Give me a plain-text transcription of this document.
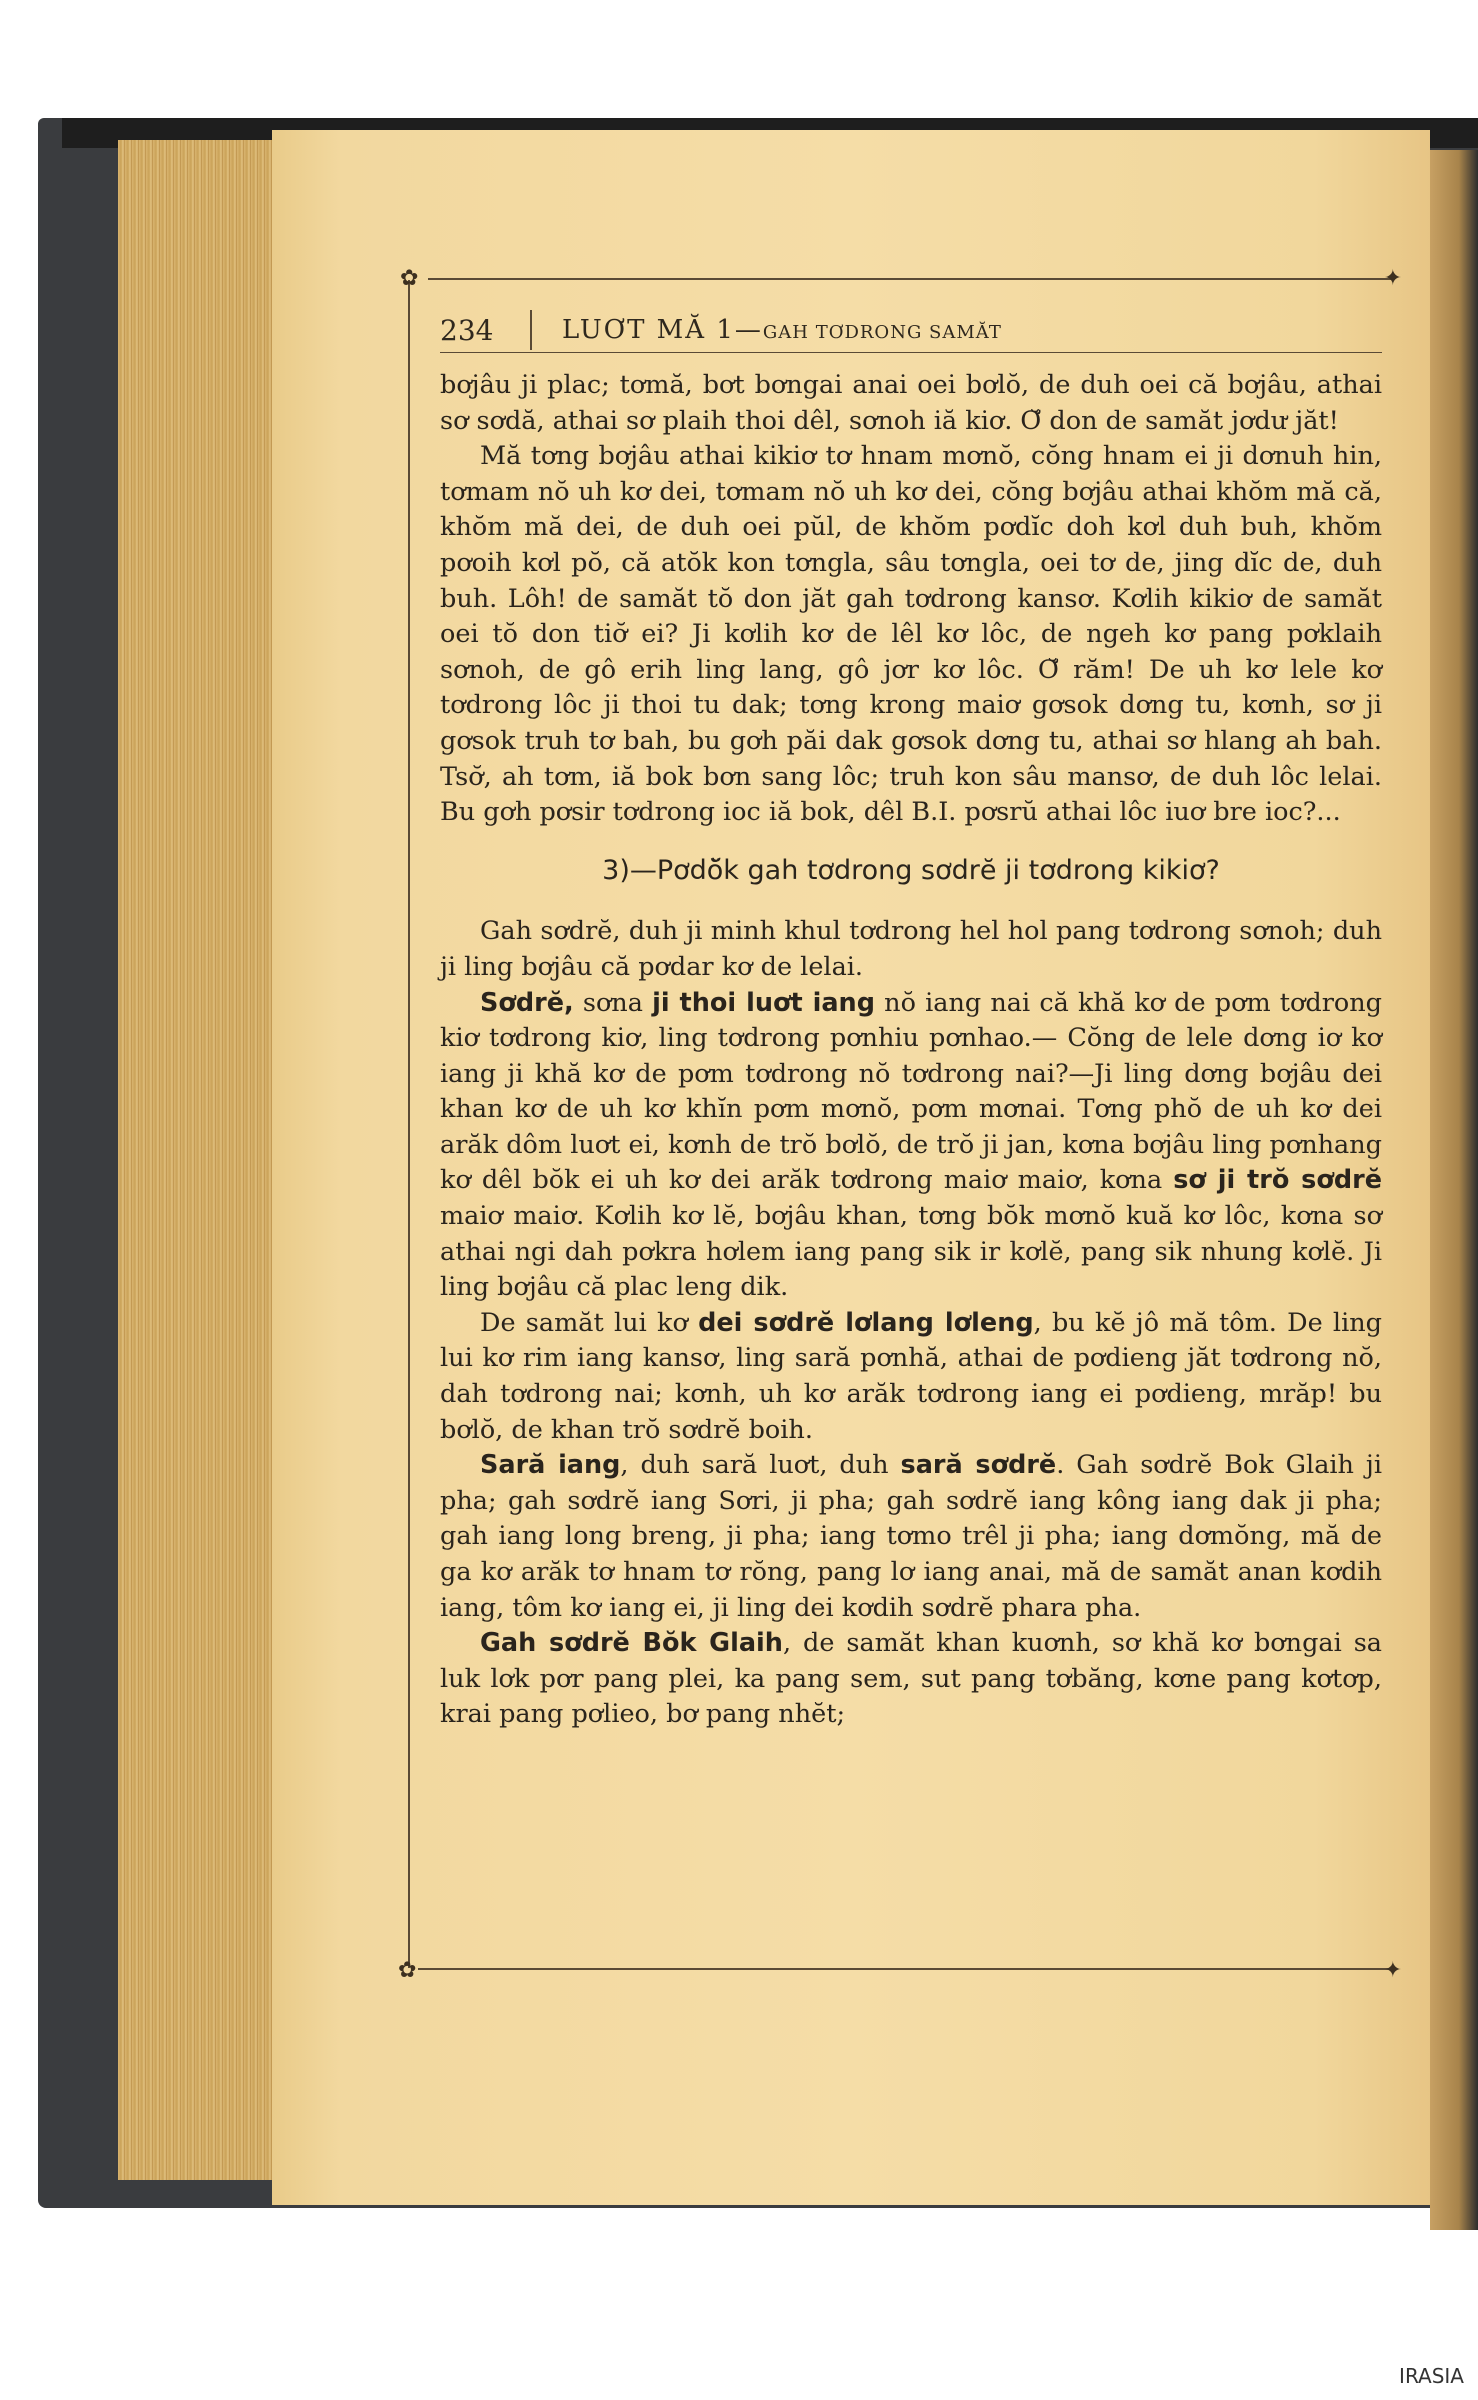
✿	✦
✿	✦
234	LUƠT MĂ 1—GAH TƠDRONG SAMĂT

bơjâu ji plac; tơmă, bơt bơngai anai oei bơlŏ, de duh oei că bơjâu, athai sơ sơdă, athai sơ plaih thoi dêl, sơnoh iă kiơ. Ơ̆ don de samăt jơdư jăt!

Mă tơng bơjâu athai kikiơ tơ hnam mơnŏ, cŏng hnam ei ji dơnuh hin, tơmam nŏ uh kơ dei, tơmam nŏ uh kơ dei, cŏng bơjâu athai khŏm mă că, khŏm mă dei, de duh oei pŭl, de khŏm pơdĭc doh kơl duh buh, khŏm pơoih kơl pŏ, că atŏk kon tơngla, sâu tơngla, oei tơ de, jing dĭc de, duh buh. Lôh! de samăt tŏ don jăt gah tơdrong kansơ. Kơlih kikiơ de samăt oei tŏ don tiơ̆ ei? Ji kơlih kơ de lêl kơ lôc, de ngeh kơ pang pơklaih sơnoh, de gô erih ling lang, gô jơr kơ lôc. Ơ̆ răm! De uh kơ lele kơ tơdrong lôc ji thoi tu dak; tơng krong maiơ gơsok dơng tu, kơnh, sơ ji gơsok truh tơ bah, bu gơh păi dak gơsok dơng tu, athai sơ hlang ah bah. Tsơ̆, ah tơm, iă bok bơn sang lôc; truh kon sâu mansơ, de duh lôc lelai. Bu gơh pơsir tơdrong ioc iă bok, dêl B.I. pơsrŭ athai lôc iuơ bre ioc?...

3)—Pơdŏ̆k gah tơdrong sơdrĕ ji tơdrong kikiơ?

Gah sơdrĕ, duh ji minh khul tơdrong hel hol pang tơdrong sơnoh; duh ji ling bơjâu că pơdar kơ de lelai.

Sơdrĕ, sơna ji thoi luơt iang nŏ iang nai că khă kơ de pơm tơdrong kiơ tơdrong kiơ, ling tơdrong pơnhiu pơnhao.— Cŏng de lele dơng iơ kơ iang ji khă kơ de pơm tơdrong nŏ tơdrong nai?—Ji ling dơng bơjâu dei khan kơ de uh kơ khĭn pơm mơnŏ, pơm mơnai. Tơng phŏ de uh kơ dei arăk dôm luơt ei, kơnh de trŏ bơlŏ, de trŏ ji jan, kơna bơjâu ling pơnhang kơ dêl bŏk ei uh kơ dei arăk tơdrong maiơ maiơ, kơna sơ ji trŏ sơdrĕ maiơ maiơ. Kơlih kơ lĕ, bơjâu khan, tơng bŏk mơnŏ kuă kơ lôc, kơna sơ athai ngi dah pơkra hơlem iang pang sik ir kơlĕ, pang sik nhung kơlĕ. Ji ling bơjâu că plac leng dik.

De samăt lui kơ dei sơdrĕ lơlang lơleng, bu kĕ jô mă tôm. De ling lui kơ rim iang kansơ, ling sară pơnhă, athai de pơdieng jăt tơdrong nŏ, dah tơdrong nai; kơnh, uh kơ arăk tơdrong iang ei pơdieng, mrăp! bu bơlŏ, de khan trŏ sơdrĕ boih.

Sară iang, duh sară luơt, duh sară sơdrĕ. Gah sơdrĕ Bok Glaih ji pha; gah sơdrĕ iang Sơri, ji pha; gah sơdrĕ iang kông iang dak ji pha; gah iang long breng, ji pha; iang tơmo trêl ji pha; iang dơmŏng, mă de ga kơ arăk tơ hnam tơ rŏng, pang lơ iang anai, mă de samăt anan kơdih iang, tôm kơ iang ei, ji ling dei kơdih sơdrĕ phara pha.

Gah sơdrĕ Bŏk Glaih, de samăt khan kuơnh, sơ khă kơ bơngai sa luk lơk pơr pang plei, ka pang sem, sut pang tơbăng, kơne pang kơtơp, krai pang pơlieo, bơ pang nhĕt;

IRASIA
